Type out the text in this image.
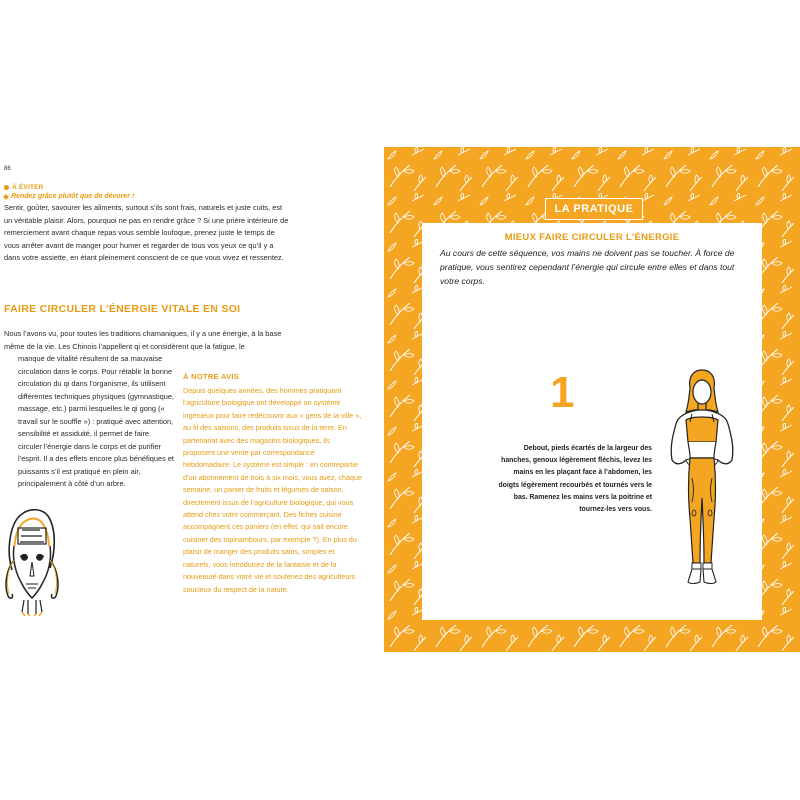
86
À ÉVITER
Rendez grâce plutôt que de dévorer !
Sentir, goûter, savourer les aliments, surtout s’ils sont frais, naturels et juste cuits, est un véritable plaisir. Alors, pourquoi ne pas en rendre grâce ? Si une prière intérieure de remerciement avant chaque repas vous semble loufoque, prenez juste le temps de vous arrêter avant de manger pour humer et regarder de tous vos yeux ce qu’il y a dans votre assiette, en étant pleinement conscient de ce que vous vivez et ressentez.
FAIRE CIRCULER L’ÉNERGIE VITALE EN SOI
Nous l’avons vu, pour toutes les traditions chamaniques, il y a une énergie, à la base même de la vie. Les Chinois l’appellent qi et considèrent que la fatigue, le
manque de vitalité résultent de sa mauvaise circulation dans le corps. Pour rétablir la bonne circulation du qi dans l’organisme, ils utilisent différentes techniques physiques (gymnastique, massage, etc.) parmi lesquelles le qi gong (« travail sur le souffle ») : pratiqué avec attention, sensibilité et assiduité, il permet de faire circuler l’énergie dans le corps et de purifier l’esprit. Il a des effets encore plus bénéfiques et puissants s’il est pratiqué en plein air, principalement à côté d’un arbre.
À NOTRE AVIS
Depuis quelques années, des hommes pratiquant l’agriculture biologique ont développé un système ingénieux pour faire redécouvrir aux « gens de la ville », au fil des saisons, des produits issus de la terre. En partenariat avec des magasins biologiques, ils proposent une vente par correspondance hebdomadaire. Le système est simple : en contrepartie d’un abonnement de trois à six mois, vous avez, chaque semaine, un panier de fruits et légumes de saison, directement issus de l’agriculture biologique, qui vous attend chez votre commerçant. Des fiches cuisine accompagnent ces paniers (en effet, qui sait encore cuisiner des topinambours, par exemple ?). En plus du plaisir de manger des produits sains, simples et naturels, vous introduisez de la fantaisie et de la nouveauté dans votre vie et soutenez des agriculteurs soucieux du respect de la nature.
MIEUX FAIRE CIRCULER L’ÉNERGIE
Au cours de cette séquence, vos mains ne doivent pas se toucher. À force de pratique, vous sentirez cependant l’énergie qui circule entre elles et dans tout votre corps.
1
Debout, pieds écartés de la largeur des hanches, genoux légèrement fléchis, levez les mains en les plaçant face à l’abdomen, les doigts légèrement recourbés et tournés vers le bas. Ramenez les mains vers la poitrine et tournez-les vers vous.
LA PRATIQUE
